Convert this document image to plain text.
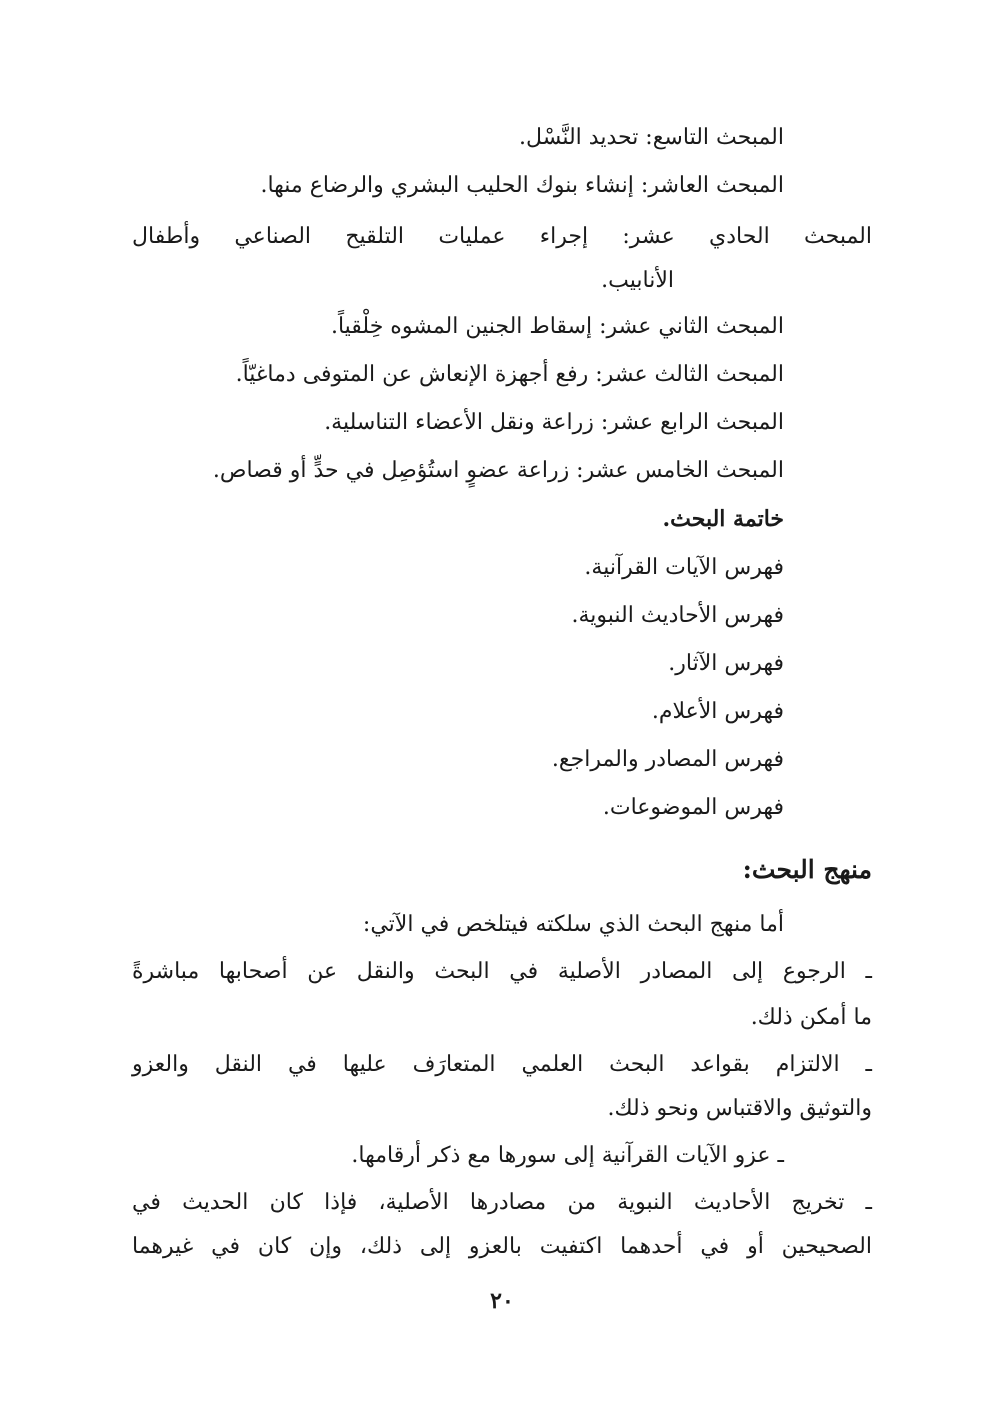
المبحث التاسع: تحديد النَّسْل.
المبحث العاشر: إنشاء بنوك الحليب البشري والرضاع منها.
المبحث الحادي عشر: إجراء عمليات التلقيح الصناعي وأطفال
الأنابيب.
المبحث الثاني عشر: إسقاط الجنين المشوه خِلْقياً.
المبحث الثالث عشر: رفع أجهزة الإنعاش عن المتوفى دماغيّاً.
المبحث الرابع عشر: زراعة ونقل الأعضاء التناسلية.
المبحث الخامس عشر: زراعة عضوٍ استُؤصِل في حدٍّ أو قصاص.
خاتمة البحث.
فهرس الآيات القرآنية.
فهرس الأحاديث النبوية.
فهرس الآثار.
فهرس الأعلام.
فهرس المصادر والمراجع.
فهرس الموضوعات.
منهج البحث:
أما منهج البحث الذي سلكته فيتلخص في الآتي:
ـ الرجوع إلى المصادر الأصلية في البحث والنقل عن أصحابها مباشرةً
ما أمكن ذلك.
ـ الالتزام بقواعد البحث العلمي المتعارَف عليها في النقل والعزو
والتوثيق والاقتباس ونحو ذلك.
ـ عزو الآيات القرآنية إلى سورها مع ذكر أرقامها.
ـ تخريج الأحاديث النبوية من مصادرها الأصلية، فإذا كان الحديث في
الصحيحين أو في أحدهما اكتفيت بالعزو إلى ذلك، وإن كان في غيرهما
٢٠
